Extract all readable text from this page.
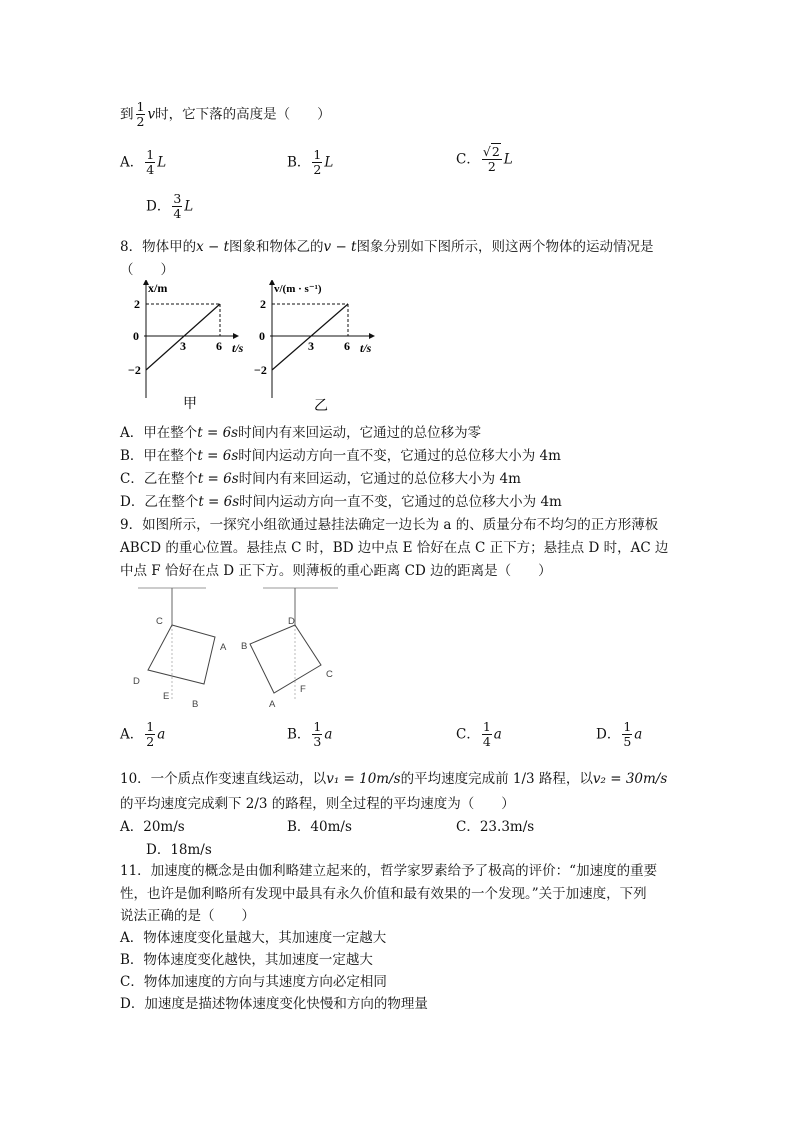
到 $\frac{1}{2}$ v时，它下落的高度是（　　）
A． $\frac{1}{4}$ L	B． $\frac{1}{2}$ L	C． $\frac{√2}{2}$ L
D． $\frac{3}{4}$ L
8．物体甲的x − t图象和物体乙的v − t图象分别如下图所示，则这两个物体的运动情况是
（　　）
x/m
2
0
−2
3	6 t/s
甲
v/(m · s⁻¹)
2
0
−2
3	6 t/s
乙
A．甲在整个t = 6s时间内有来回运动，它通过的总位移为零
B．甲在整个t = 6s时间内运动方向一直不变，它通过的总位移大小为 4m
C．乙在整个t = 6s时间内有来回运动，它通过的总位移大小为 4m
D．乙在整个t = 6s时间内运动方向一直不变，它通过的总位移大小为 4m
9．如图所示，一探究小组欲通过悬挂法确定一边长为 a 的、质量分布不均匀的正方形薄板
ABCD 的重心位置。悬挂点 C 时，BD 边中点 E 恰好在点 C 正下方；悬挂点 D 时，AC 边
中点 F 恰好在点 D 正下方。则薄板的重心距离 CD 边的距离是（　　）
C
A
D
E
B
D
B
C
F
A
A． $\frac{1}{2}$ a	B． $\frac{1}{3}$ a	C． $\frac{1}{4}$ a	D． $\frac{1}{5}$ a
10．一个质点作变速直线运动，以v₁ = 10m/s的平均速度完成前 1/3 路程，以v₂ = 30m/s
的平均速度完成剩下 2/3 的路程，则全过程的平均速度为（　　）
A．20m/s	B．40m/s	C．23.3m/s
D．18m/s
11．加速度的概念是由伽利略建立起来的，哲学家罗素给予了极高的评价：“加速度的重要
性，也许是伽利略所有发现中最具有永久价值和最有效果的一个发现。”关于加速度，下列
说法正确的是（　　）
A．物体速度变化量越大，其加速度一定越大
B．物体速度变化越快，其加速度一定越大
C．物体加速度的方向与其速度方向必定相同
D．加速度是描述物体速度变化快慢和方向的物理量
